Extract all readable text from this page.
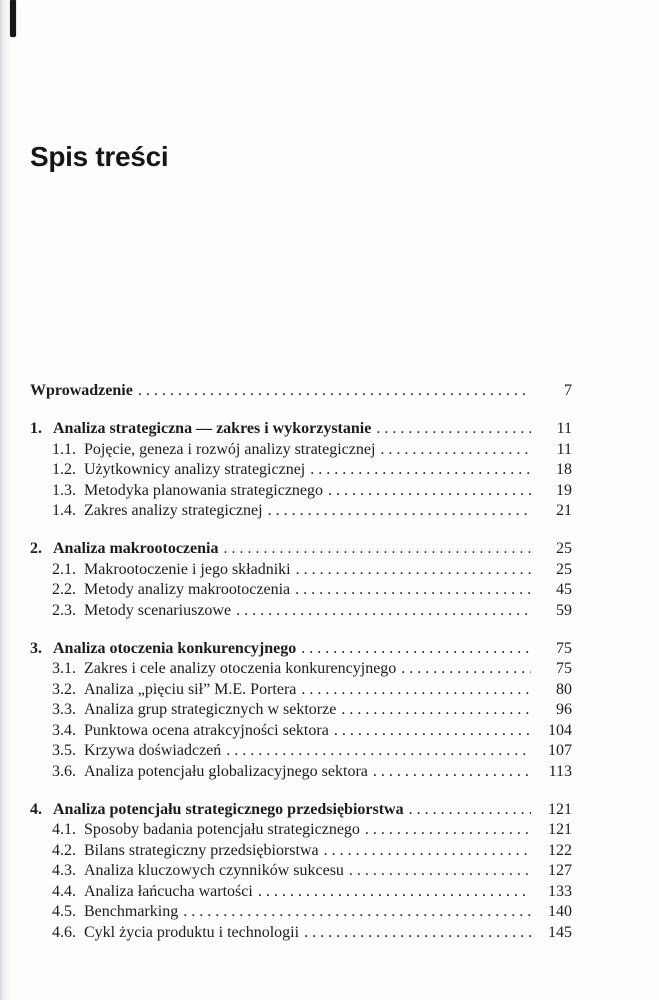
Spis treści
Wprowadzenie . . .	7
1. Analiza strategiczna — zakres i wykorzystanie . . .	11
1.1. Pojęcie, geneza i rozwój analizy strategicznej . . .	11
1.2. Użytkownicy analizy strategicznej . . .	18
1.3. Metodyka planowania strategicznego . . .	19
1.4. Zakres analizy strategicznej . . .	21
2. Analiza makrootoczenia . . .	25
2.1. Makrootoczenie i jego składniki . . .	25
2.2. Metody analizy makrootoczenia . . .	45
2.3. Metody scenariuszowe . . .	59
3. Analiza otoczenia konkurencyjnego . . .	75
3.1. Zakres i cele analizy otoczenia konkurencyjnego . . .	75
3.2. Analiza „pięciu sił” M.E. Portera . . .	80
3.3. Analiza grup strategicznych w sektorze . . .	96
3.4. Punktowa ocena atrakcyjności sektora . . .	104
3.5. Krzywa doświadczeń . . .	107
3.6. Analiza potencjału globalizacyjnego sektora . . .	113
4. Analiza potencjału strategicznego przedsiębiorstwa . . .	121
4.1. Sposoby badania potencjału strategicznego . . .	121
4.2. Bilans strategiczny przedsiębiorstwa . . .	122
4.3. Analiza kluczowych czynników sukcesu . . .	127
4.4. Analiza łańcucha wartości . . .	133
4.5. Benchmarking . . .	140
4.6. Cykl życia produktu i technologii . . .	145
